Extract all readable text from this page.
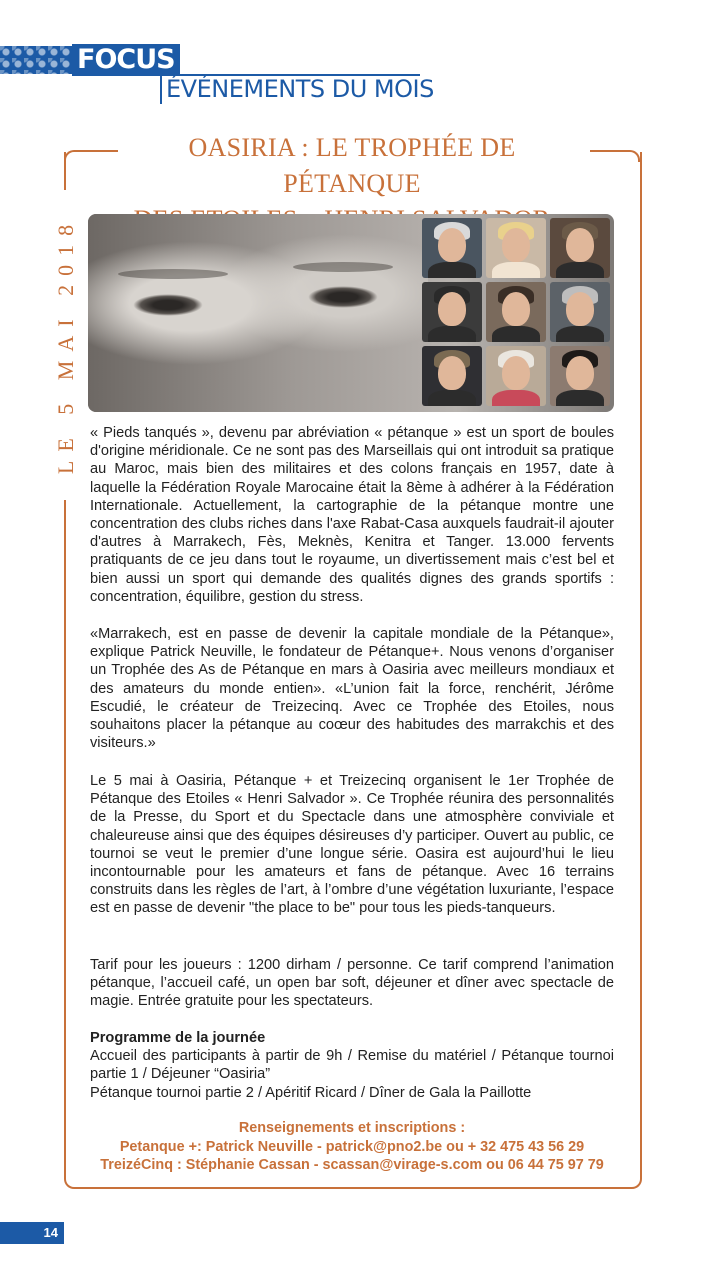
FOCUS
ÉVÉNEMENTS DU MOIS
OASIRIA : LE TROPHÉE DE PÉTANQUE
LE 5 MAI 2018 « Pieds tanqués », devenu par abréviation « pétanque » est un sport de boules d'origine méridionale. Ce ne sont pas des Marseillais qui ont introduit sa pratique au Maroc, mais bien des militaires et des colons français en 1957, date à laquelle la Fédération Royale Marocaine était la 8ème à adhérer à la Fédération Internationale. Actuellement, la cartographie de la pétanque montre une concentration des clubs riches dans l'axe Rabat-Casa auxquels faudrait-il ajouter d'autres à Marrakech, Fès, Meknès, Kenitra et Tanger. 13.000 fervents pratiquants de ce jeu dans tout le royaume, un divertissement mais c’est bel et bien aussi un sport qui demande des qualités dignes des grands sportifs : concentration, équilibre, gestion du stress.
«Marrakech, est en passe de devenir la capitale mondiale de la Pétanque», explique Patrick Neuville, le fondateur de Pétanque+. Nous venons d’organiser un Trophée des As de Pétanque en mars à Oasiria avec meilleurs mondiaux et des amateurs du monde entien». «L’union fait la force, renchérit, Jérôme Escudié, le créateur de Treizecinq. Avec ce Trophée des Etoiles, nous souhaitons placer la pétanque au coœur des habitudes des marrakchis et des visiteurs.»
Le 5 mai à Oasiria, Pétanque + et Treizecinq organisent le 1er Trophée de Pétanque des Etoiles « Henri Salvador ». Ce Trophée réunira des personnalités de la Presse, du Sport et du Spectacle dans une atmosphère conviviale et chaleureuse ainsi que des équipes désireuses d’y participer. Ouvert au public, ce tournoi se veut le premier d’une longue série. Oasira est aujourd’hui le lieu incontournable pour les amateurs et fans de pétanque. Avec 16 terrains construits dans les règles de l’art, à l’ombre d’une végétation luxuriante, l’espace est en passe de devenir "the place to be" pour tous les pieds-tanqueurs.
Tarif pour les joueurs : 1200 dirham / personne. Ce tarif comprend l’animation pétanque, l’accueil café, un open bar soft, déjeuner et dîner avec spectacle de magie. Entrée gratuite pour les spectateurs.
Programme de la journée
Accueil des participants à partir de 9h / Remise du matériel / Pétanque tournoi partie 1 / Déjeuner “Oasiria”
Pétanque tournoi partie 2 / Apéritif Ricard / Dîner de Gala la Paillotte
Renseignements et inscriptions :
Petanque +: Patrick Neuville - patrick@pno2.be ou + 32 475 43 56 29
TreizéCinq : Stéphanie Cassan - scassan@virage-s.com ou 06 44 75 97 79
14
